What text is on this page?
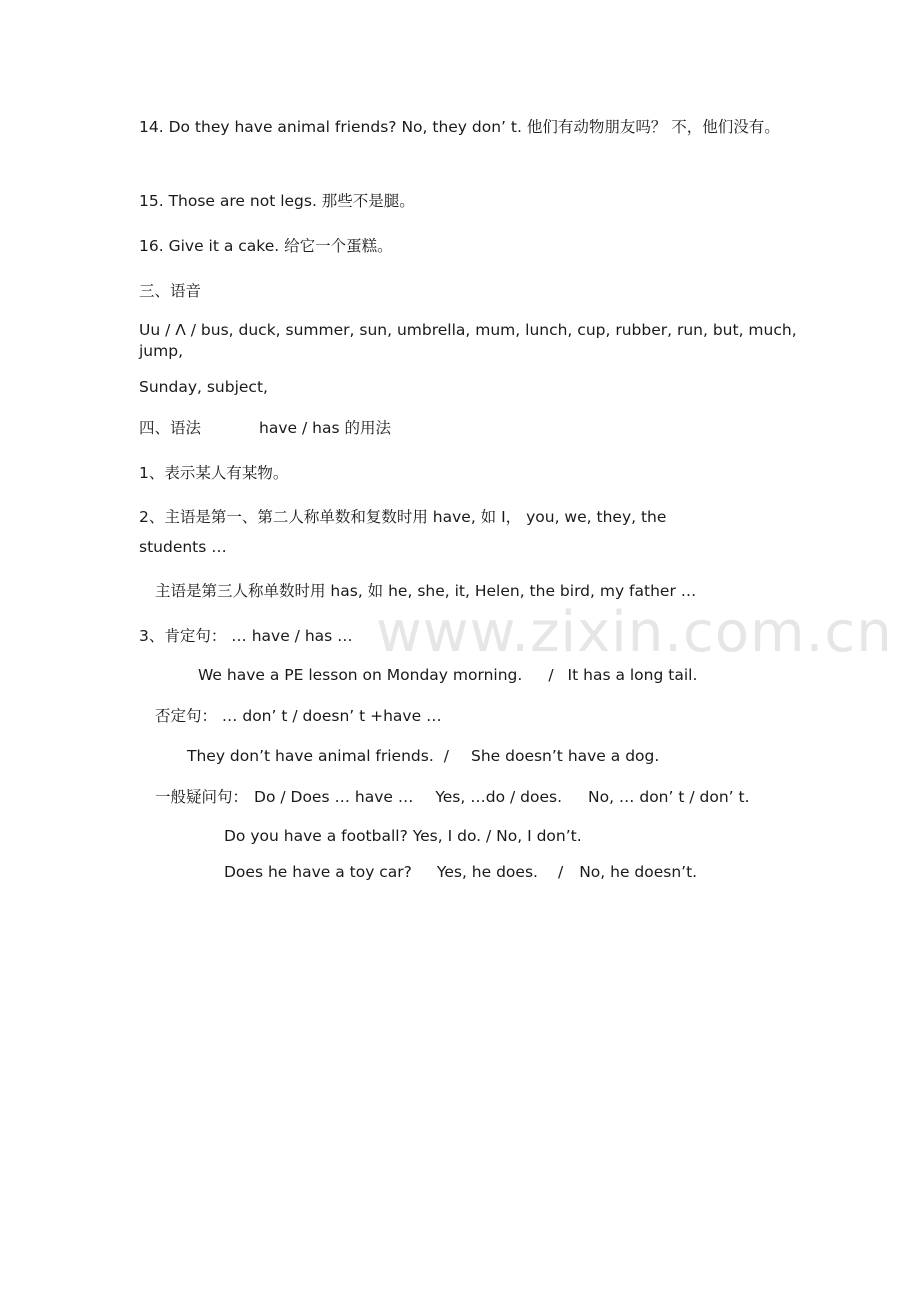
www.zixin.com.cn
14. Do they have animal friends? No, they don’ t. 他们有动物朋友吗？ 不，他们没有。
15. Those are not legs. 那些不是腿。
16. Give it a cake. 给它一个蛋糕。
三、语音
Uu / Λ / bus, duck, summer, sun, umbrella, mum, lunch, cup, rubber, run, but, much,
jump,
Sunday, subject,
四、语法	have / has 的用法
1、表示某人有某物。
2、主语是第一、第二人称单数和复数时用 have, 如 I， you, we, they, the
students …
主语是第三人称单数时用 has, 如 he, she, it, Helen, the bird, my father …
3、肯定句： … have / has …
We have a PE lesson on Monday morning. / It has a long tail.
否定句： … don’ t / doesn’ t +have …
They don’t have animal friends. / She doesn’t have a dog.
一般疑问句： Do / Does … have … Yes, …do / does. No, … don’ t / don’ t.
Do you have a football? Yes, I do. / No, I don’t.
Does he have a toy car? Yes, he does. / No, he doesn’t.
